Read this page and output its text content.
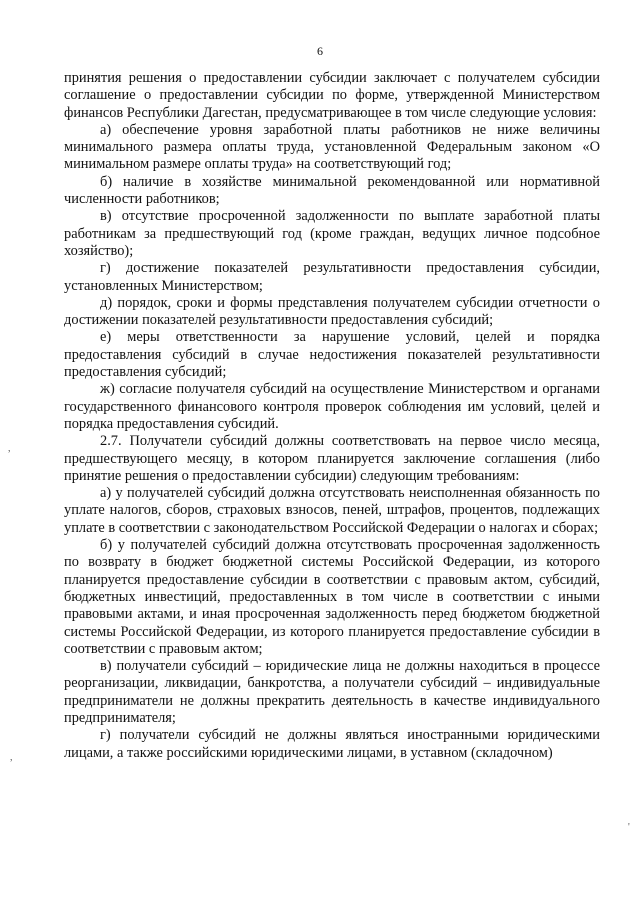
6

принятия решения о предоставлении субсидии заключает с получателем субсидии соглашение о предоставлении субсидии по форме, утвержденной Министерством финансов Республики Дагестан, предусматривающее в том числе следующие условия:

а) обеспечение уровня заработной платы работников не ниже величины минимального размера оплаты труда, установленной Федеральным законом «О минимальном размере оплаты труда» на соответствующий год;

б) наличие в хозяйстве минимальной рекомендованной или нормативной численности работников;

в) отсутствие просроченной задолженности по выплате заработной платы работникам за предшествующий год (кроме граждан, ведущих личное подсобное хозяйство);

г) достижение показателей результативности предоставления субсидии, установленных Министерством;

д) порядок, сроки и формы представления получателем субсидии отчетности о достижении показателей результативности предоставления субсидий;

е) меры ответственности за нарушение условий, целей и порядка предоставления субсидий в случае недостижения показателей результативности предоставления субсидий;

ж) согласие получателя субсидий на осуществление Министерством и органами государственного финансового контроля проверок соблюдения им условий, целей и порядка предоставления субсидий.

2.7. Получатели субсидий должны соответствовать на первое число месяца, предшествующего месяцу, в котором планируется заключение соглашения (либо принятие решения о предоставлении субсидии) следующим требованиям:

а) у получателей субсидий должна отсутствовать неисполненная обязанность по уплате налогов, сборов, страховых взносов, пеней, штрафов, процентов, подлежащих уплате в соответствии с законодательством Российской Федерации о налогах и сборах;

б) у получателей субсидий должна отсутствовать просроченная задолженность по возврату в бюджет бюджетной системы Российской Федерации, из которого планируется предоставление субсидии в соответствии с правовым актом, субсидий, бюджетных инвестиций, предоставленных в том числе в соответствии с иными правовыми актами, и иная просроченная задолженность перед бюджетом бюджетной системы Российской Федерации, из которого планируется предоставление субсидии в соответствии с правовым актом;

в) получатели субсидий – юридические лица не должны находиться в процессе реорганизации, ликвидации, банкротства, а получатели субсидий – индивидуальные предприниматели не должны прекратить деятельность в качестве индивидуального предпринимателя;

г) получатели субсидий не должны являться иностранными юридическими лицами, а также российскими юридическими лицами, в уставном (складочном)

,
,
'
